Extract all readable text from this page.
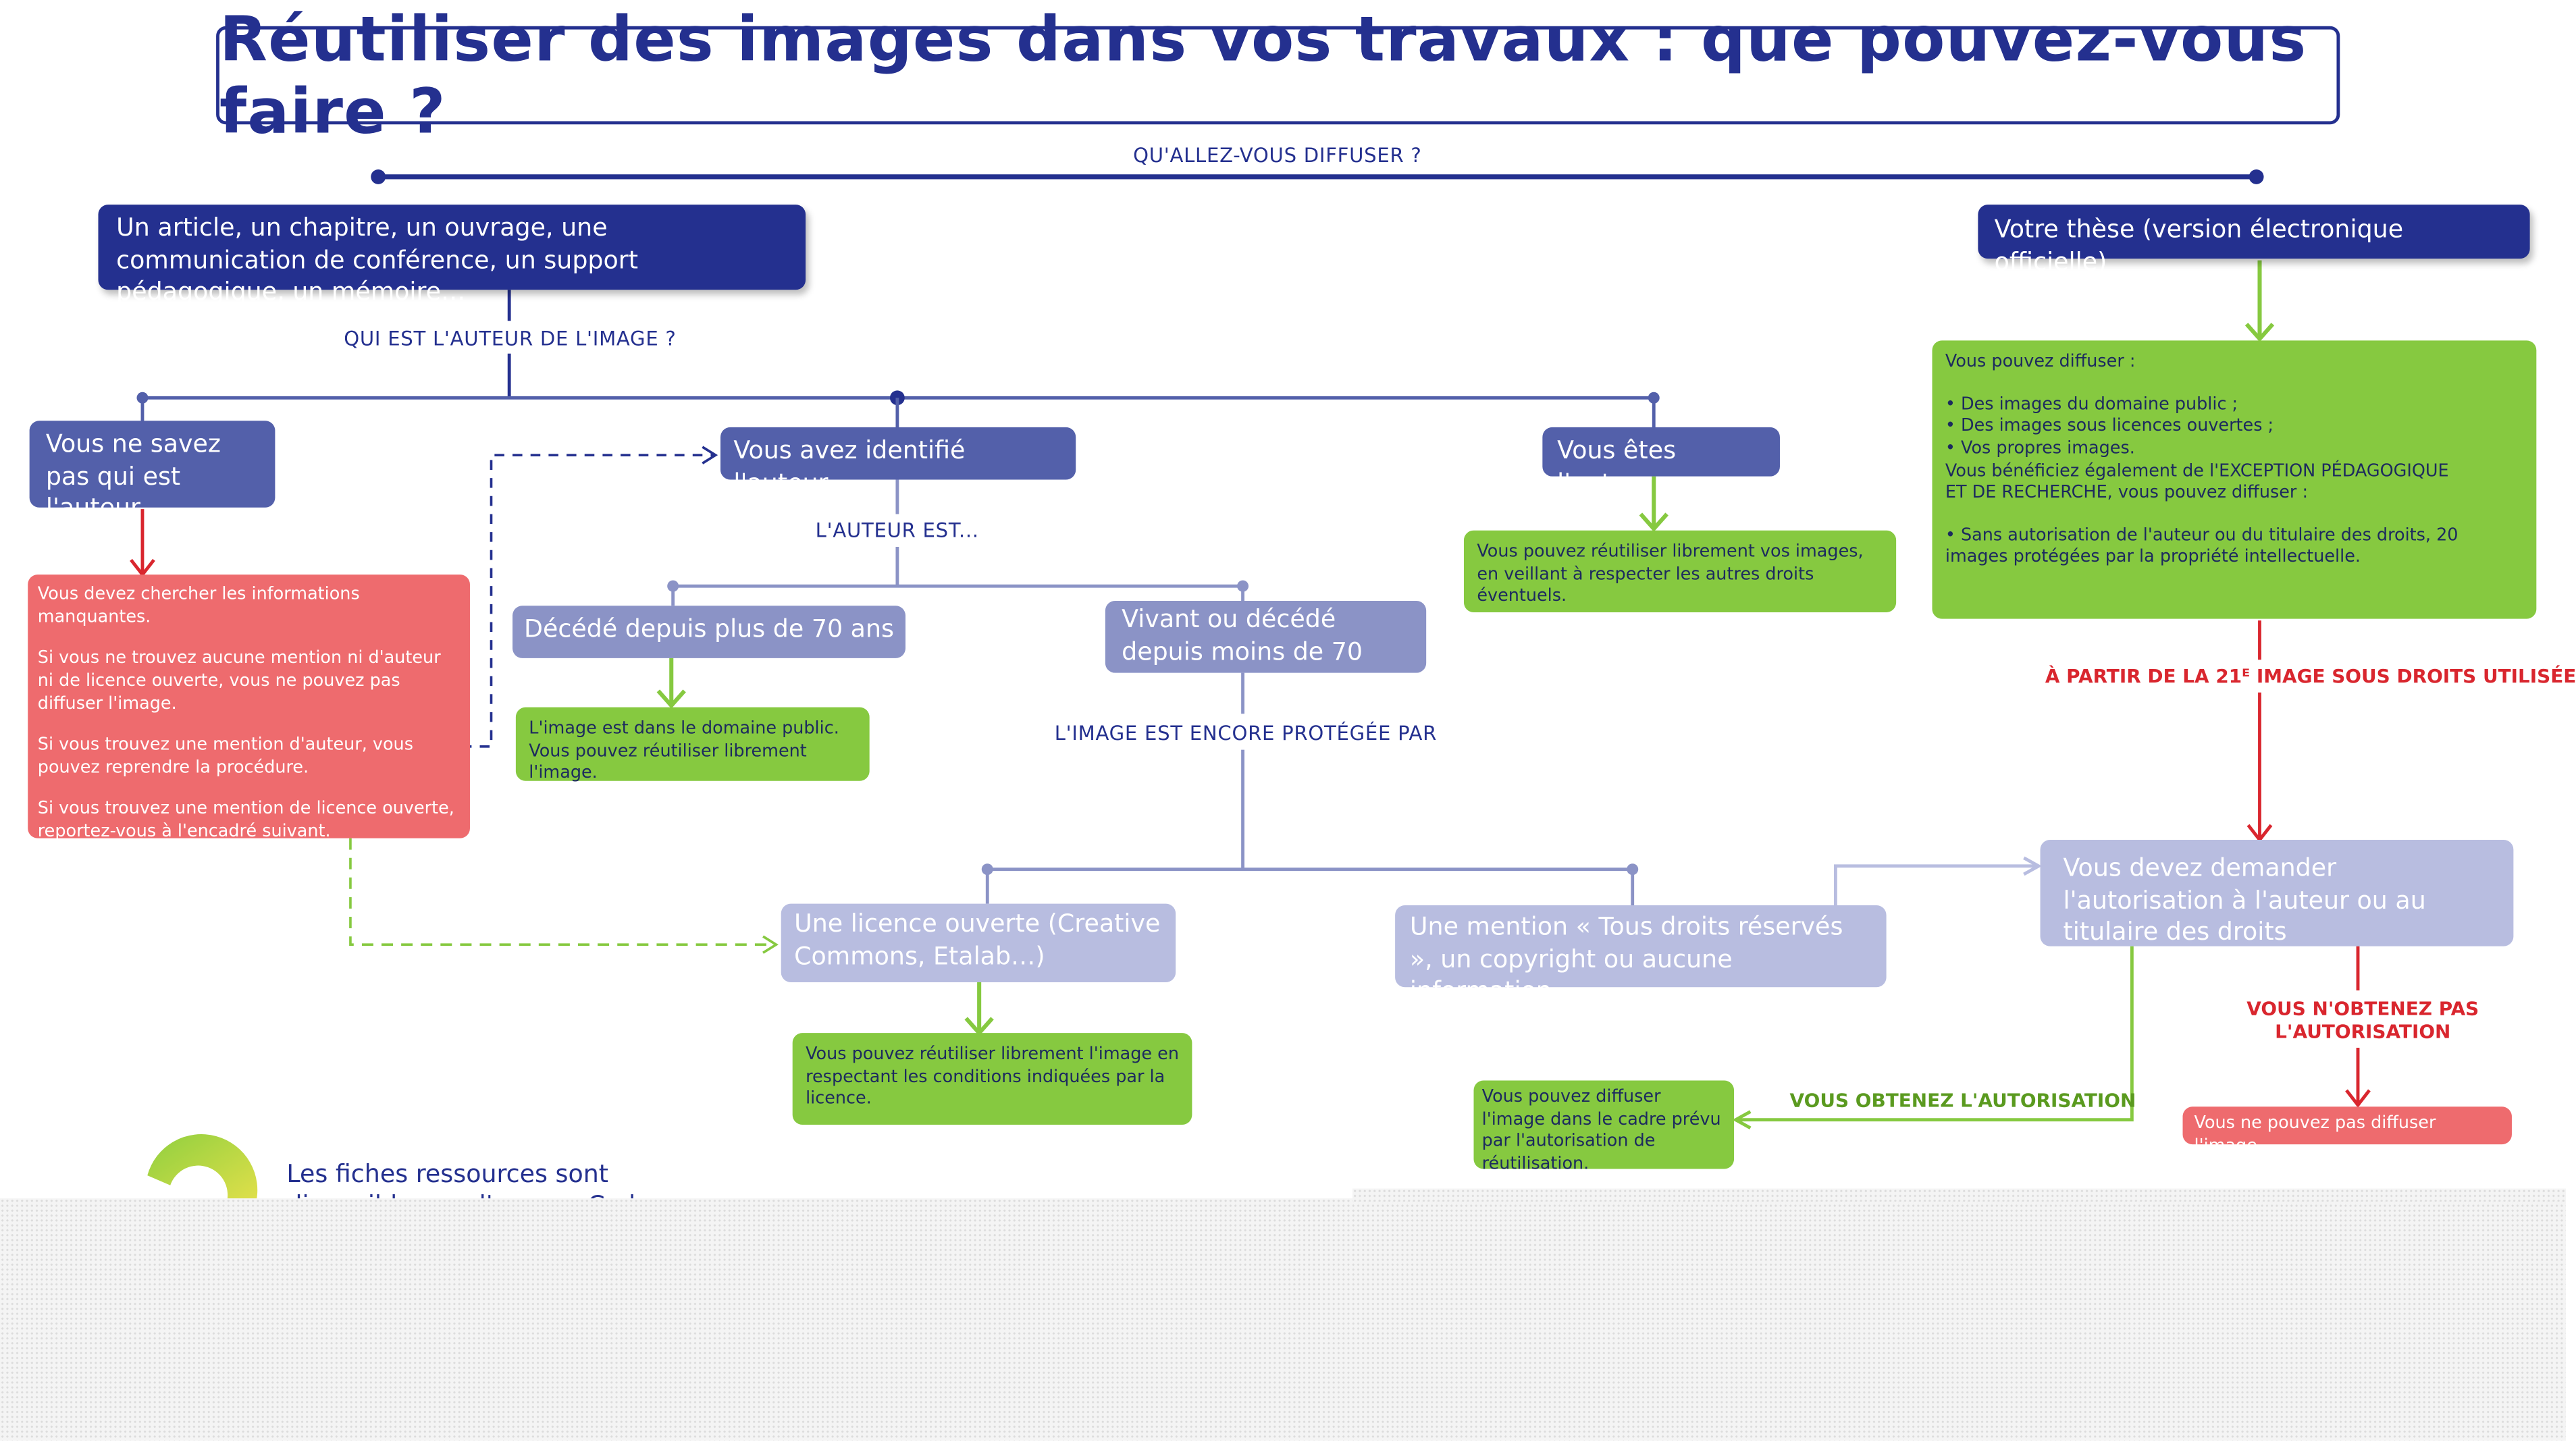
Réutiliser des images dans vos travaux : que pouvez-vous faire ?
QU'ALLEZ-VOUS DIFFUSER ?
QUI EST L'AUTEUR DE L'IMAGE ?
L'AUTEUR EST...
L'IMAGE EST ENCORE PROTÉGÉE PAR
À PARTIR DE LA 21ᴱ IMAGE SOUS DROITS UTILISÉE
VOUS OBTENEZ L'AUTORISATION
VOUS N'OBTENEZ PAS
L'AUTORISATION
Un article, un chapitre, un ouvrage, une communication de conférence, un support pédagogique, un mémoire…
Votre thèse (version électronique officielle)
Vous ne savez pas qui est l'auteur
Vous avez identifié l'auteur
Vous êtes l'auteur
Décédé depuis plus de 70 ans	Vivant ou décédé depuis moins de 70 ans
Une licence ouverte (Creative Commons, Etalab…)
Une mention « Tous droits réservés », un copyright ou aucune information
Vous devez demander l'autorisation à l'auteur ou au titulaire des droits

Vous devez chercher les informations manquantes.

Si vous ne trouvez aucune mention ni d'auteur ni de licence ouverte, vous ne pouvez pas diffuser l'image.

Si vous trouvez une mention d'auteur, vous pouvez reprendre la procédure.

Si vous trouvez une mention de licence ouverte, reportez-vous à l'encadré suivant.

L'image est dans le domaine public. Vous pouvez réutiliser librement l'image.
Vous pouvez réutiliser librement vos images, en veillant à respecter les autres droits éventuels.
Vous pouvez réutiliser librement l'image en respectant les conditions indiquées par la licence.

Vous pouvez diffuser :

• Des images du domaine public ;
• Des images sous licences ouvertes ;
• Vos propres images.

Vous bénéficiez également de l'EXCEPTION PÉDAGOGIQUE ET DE RECHERCHE, vous pouvez diffuser :

• Sans autorisation de l'auteur ou du titulaire des droits, 20 images protégées par la propriété intellectuelle.
Vous pouvez diffuser l'image dans le cadre prévu par l'autorisation de réutilisation.
Vous ne pouvez pas diffuser l'image.
Les fiches ressources sont
